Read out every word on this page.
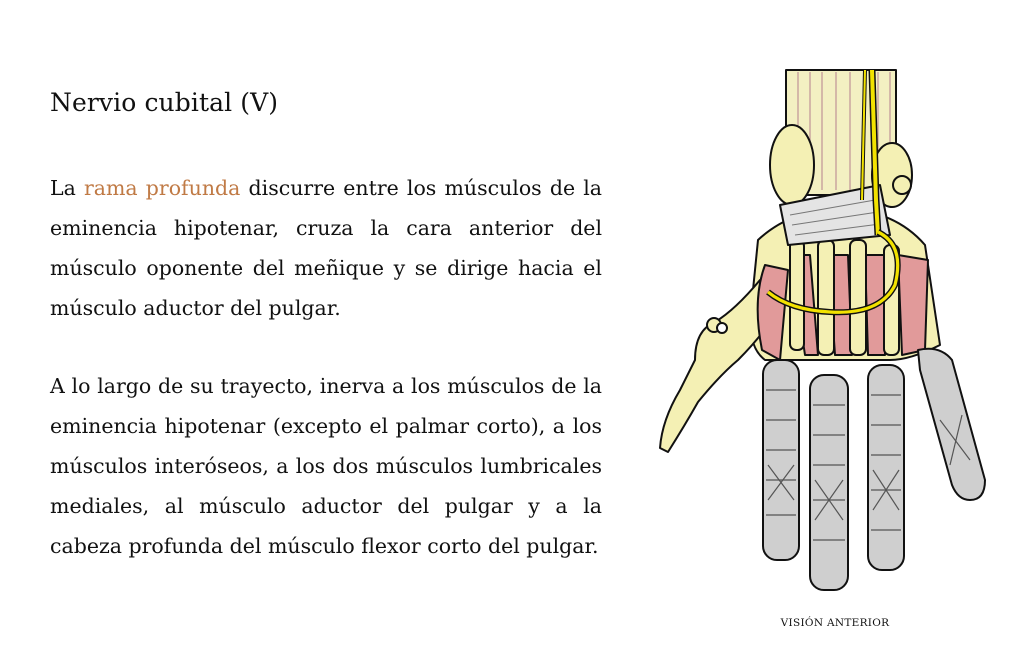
Nervio cubital (V)
La rama profunda discurre entre los músculos de la eminencia hipotenar, cruza la cara anterior del músculo oponente del meñique y se dirige hacia el músculo aductor del pulgar.
A lo largo de su trayecto, inerva a los músculos de la eminencia hipotenar (excepto el palmar corto), a los músculos interóseos, a los dos músculos lumbricales mediales, al músculo aductor del pulgar y a la cabeza profunda del músculo flexor corto del pulgar.
VISIÓN ANTERIOR
